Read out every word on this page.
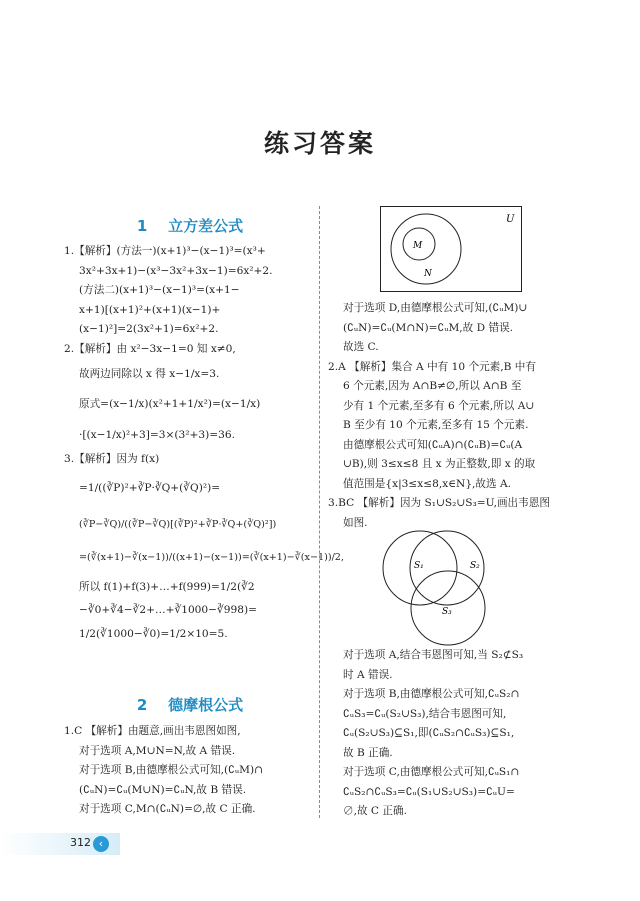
练习答案
1 立方差公式
2 德摩根公式

1.【解析】(方法一)(x+1)³−(x−1)³=(x³+

3x²+3x+1)−(x³−3x²+3x−1)=6x²+2.

(方法二)(x+1)³−(x−1)³=(x+1−

x+1)[(x+1)²+(x+1)(x−1)+

(x−1)²]=2(3x²+1)=6x²+2.

2.【解析】由 x²−3x−1=0 知 x≠0,

故两边同除以 x 得 x−1/x=3.

原式=(x−1/x)(x²+1+1/x²)=(x−1/x)

·[(x−1/x)²+3]=3×(3²+3)=36.

3.【解析】因为 f(x)

=1/((∛P)²+∛P·∛Q+(∛Q)²)=

(∛P−∛Q)/((∛P−∛Q)[(∛P)²+∛P·∛Q+(∛Q)²])

=(∛(x+1)−∛(x−1))/((x+1)−(x−1))=(∛(x+1)−∛(x−1))/2,

所以 f(1)+f(3)+…+f(999)=1/2(∛2

−∛0+∛4−∛2+…+∛1000−∛998)=

1/2(∛1000−∛0)=1/2×10=5.

1.C 【解析】由题意,画出韦恩图如图,

对于选项 A,M∪N=N,故 A 错误.

对于选项 B,由德摩根公式可知,(∁ᵤM)∩

(∁ᵤN)=∁ᵤ(M∪N)=∁ᵤN,故 B 错误.

对于选项 C,M∩(∁ᵤN)=∅,故 C 正确.

U
M
N

对于选项 D,由德摩根公式可知,(∁ᵤM)∪

(∁ᵤN)=∁ᵤ(M∩N)=∁ᵤM,故 D 错误.

故选 C.

2.A 【解析】集合 A 中有 10 个元素,B 中有

6 个元素,因为 A∩B≠∅,所以 A∩B 至

少有 1 个元素,至多有 6 个元素,所以 A∪

B 至少有 10 个元素,至多有 15 个元素.

由德摩根公式可知(∁ᵤA)∩(∁ᵤB)=∁ᵤ(A

∪B),则 3≤x≤8 且 x 为正整数,即 x 的取

值范围是{x|3≤x≤8,x∈N},故选 A.

3.BC 【解析】因为 S₁∪S₂∪S₃=U,画出韦恩图

如图.

S₁	S₂
S₃

对于选项 A,结合韦恩图可知,当 S₂⊄S₃

时 A 错误.

对于选项 B,由德摩根公式可知,∁ᵤS₂∩

∁ᵤS₃=∁ᵤ(S₂∪S₃),结合韦恩图可知,

∁ᵤ(S₂∪S₃)⊆S₁,即(∁ᵤS₂∩∁ᵤS₃)⊆S₁,

故 B 正确.

对于选项 C,由德摩根公式可知,∁ᵤS₁∩

∁ᵤS₂∩∁ᵤS₃=∁ᵤ(S₁∪S₂∪S₃)=∁ᵤU=

∅,故 C 正确.

312 ‹
